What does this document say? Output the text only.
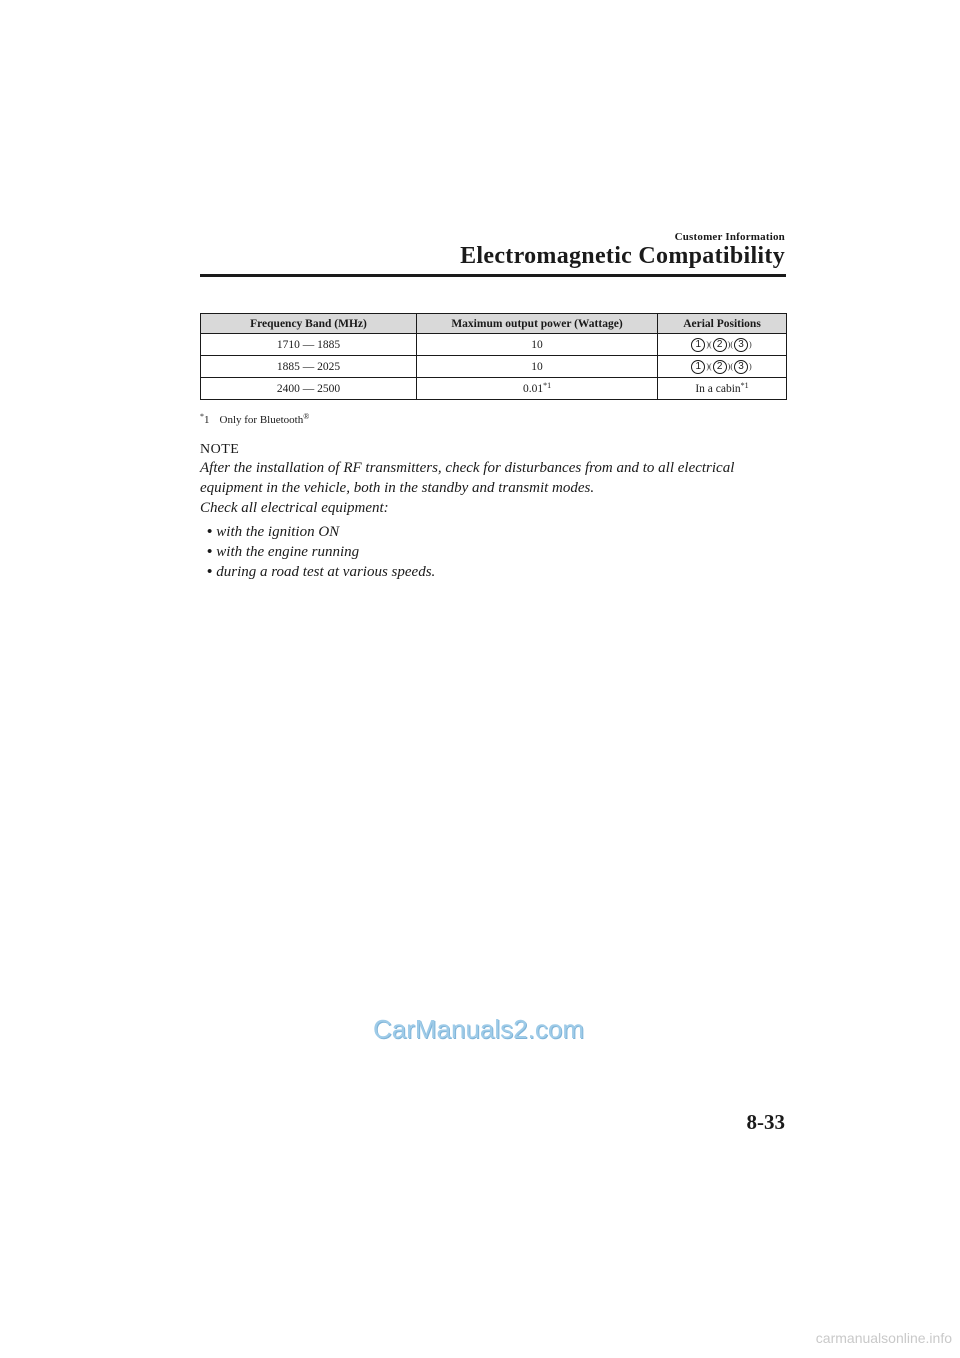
Customer Information
Electromagnetic Compatibility
Frequency Band (MHz)	Maximum output power (Wattage)	Aerial Positions
1710 — 1885	10	1 )( 2 )( 3 )
1885 — 2025	10	1 )( 2 )( 3 )
2400 — 2500	0.01$^{*1}$	In a cabin$^{*1}$
*1 Only for Bluetooth®
NOTE

After the installation of RF transmitters, check for disturbances from and to all electrical

equipment in the vehicle, both in the standby and transmit modes.

Check all electrical equipment:

• with the ignition ON
• with the engine running
• during a road test at various speeds.
CarManuals2.com
8-33
carmanualsonline.info
